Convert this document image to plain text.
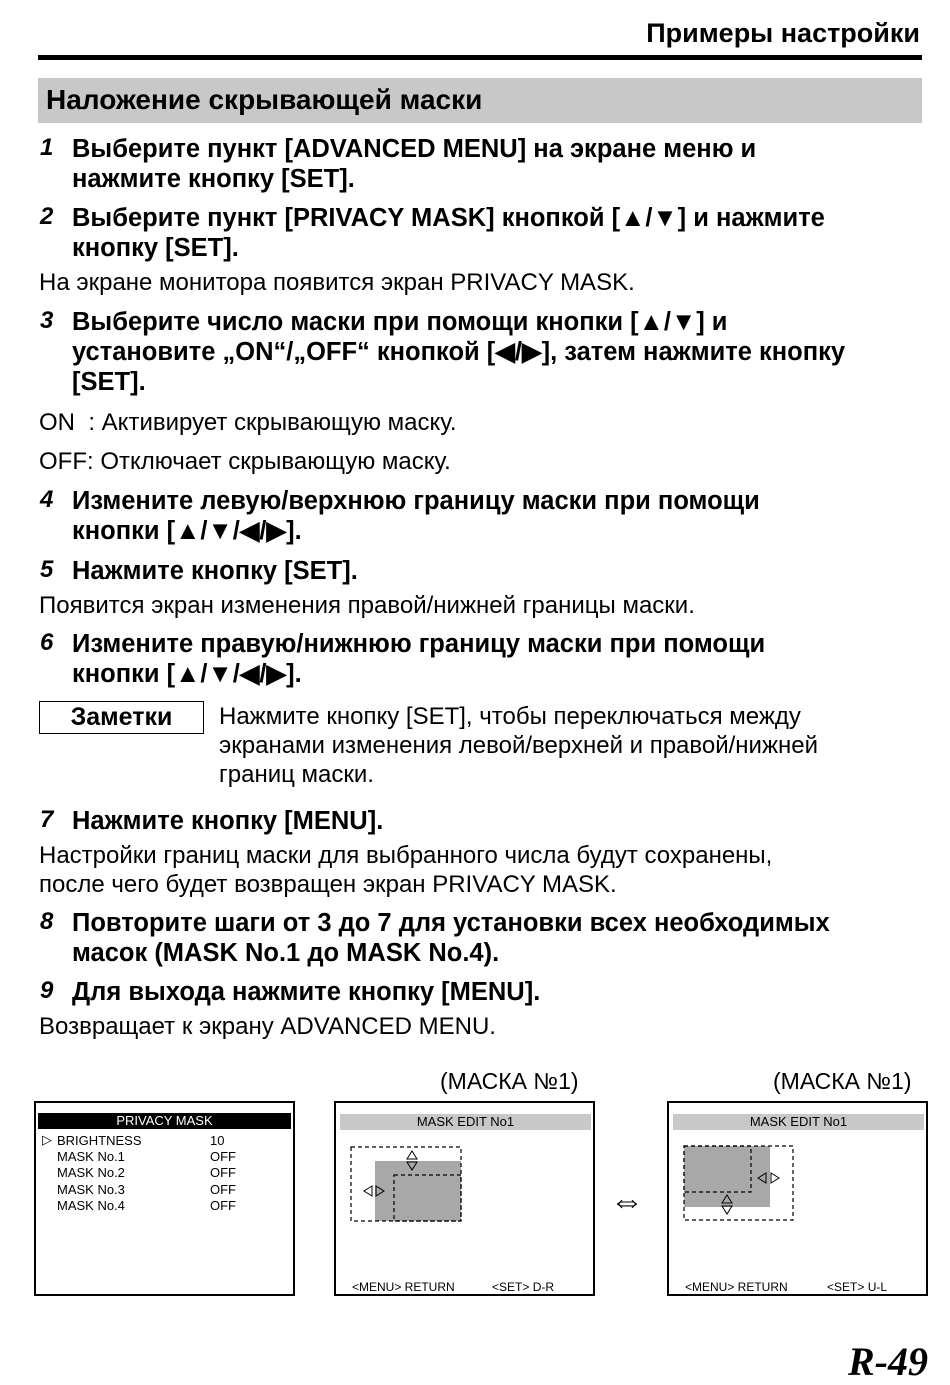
Примеры настройки
Наложение скрывающей маски
1 Выберите пункт [ADVANCED MENU] на экране меню и
нажмите кнопку [SET].
2 Выберите пункт [PRIVACY MASK] кнопкой [▲/▼] и нажмите
кнопку [SET].
На экране монитора появится экран PRIVACY MASK.
3 Выберите число маски при помощи кнопки [▲/▼] и
установите „ON“/„OFF“ кнопкой [◀/▶], затем нажмите кнопку
[SET].
ON  : Активирует скрывающую маску.
OFF: Отключает скрывающую маску.
4 Измените левую/верхнюю границу маски при помощи
кнопки [▲/▼/◀/▶].
5 Нажмите кнопку [SET].
Появится экран изменения правой/нижней границы маски.
6 Измените правую/нижнюю границу маски при помощи
кнопки [▲/▼/◀/▶].
Заметки	Нажмите кнопку [SET], чтобы переключаться между
экранами изменения левой/верхней и правой/нижней
границ маски.
7 Нажмите кнопку [MENU].
Настройки границ маски для выбранного числа будут сохранены,
после чего будет возвращен экран PRIVACY MASK.
8 Повторите шаги от 3 до 7 для установки всех необходимых
масок (MASK No.1 до MASK No.4).
9 Для выхода нажмите кнопку [MENU].
Возвращает к экрану ADVANCED MENU.
(МАСКА №1)	(МАСКА №1)
PRIVACY MASK
▷ BRIGHTNESS	10
MASK No.1	OFF
MASK No.2	OFF
MASK No.3	OFF
MASK No.4	OFF
MASK EDIT No1
<MENU> RETURN	<SET> D-R
⇔
MASK EDIT No1
<MENU> RETURN	<SET> U-L
R-49
